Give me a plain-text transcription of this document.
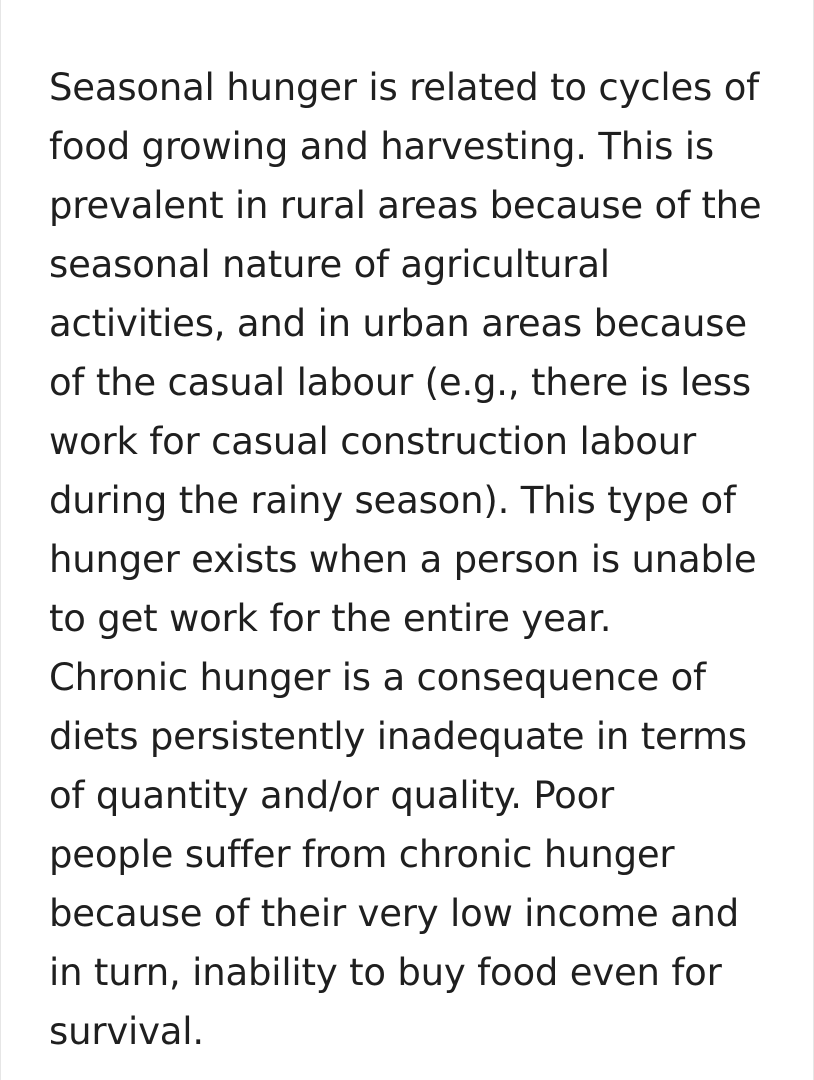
Seasonal hunger is related to cycles of
food growing and harvesting. This is
prevalent in rural areas because of the
seasonal nature of agricultural
activities, and in urban areas because
of the casual labour (e.g., there is less
work for casual construction labour
during the rainy season). This type of
hunger exists when a person is unable
to get work for the entire year.
Chronic hunger is a consequence of
diets persistently inadequate in terms
of quantity and/or quality. Poor
people suffer from chronic hunger
because of their very low income and
in turn, inability to buy food even for
survival.
